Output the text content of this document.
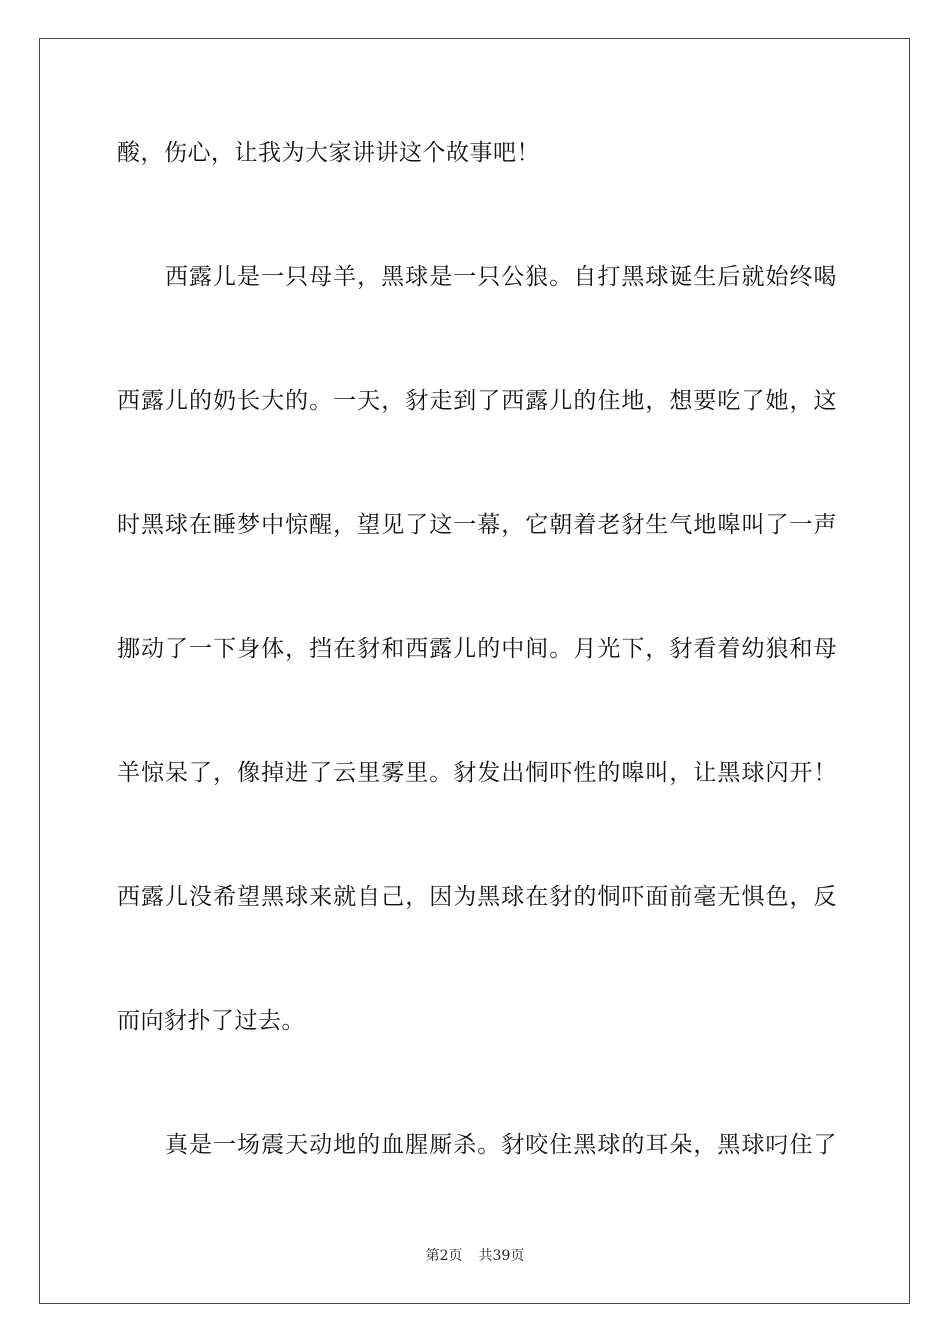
酸，伤心，让我为大家讲讲这个故事吧！
西露儿是一只母羊，黑球是一只公狼。自打黑球诞生后就始终喝
西露儿的奶长大的。一天，豺走到了西露儿的住地，想要吃了她，这
时黑球在睡梦中惊醒，望见了这一幕，它朝着老豺生气地嗥叫了一声
挪动了一下身体，挡在豺和西露儿的中间。月光下，豺看着幼狼和母
羊惊呆了，像掉进了云里雾里。豺发出恫吓性的嗥叫，让黑球闪开！
西露儿没希望黑球来就自己，因为黑球在豺的恫吓面前毫无惧色，反
而向豺扑了过去。
真是一场震天动地的血腥厮杀。豺咬住黑球的耳朵，黑球叼住了
第2页 共39页
